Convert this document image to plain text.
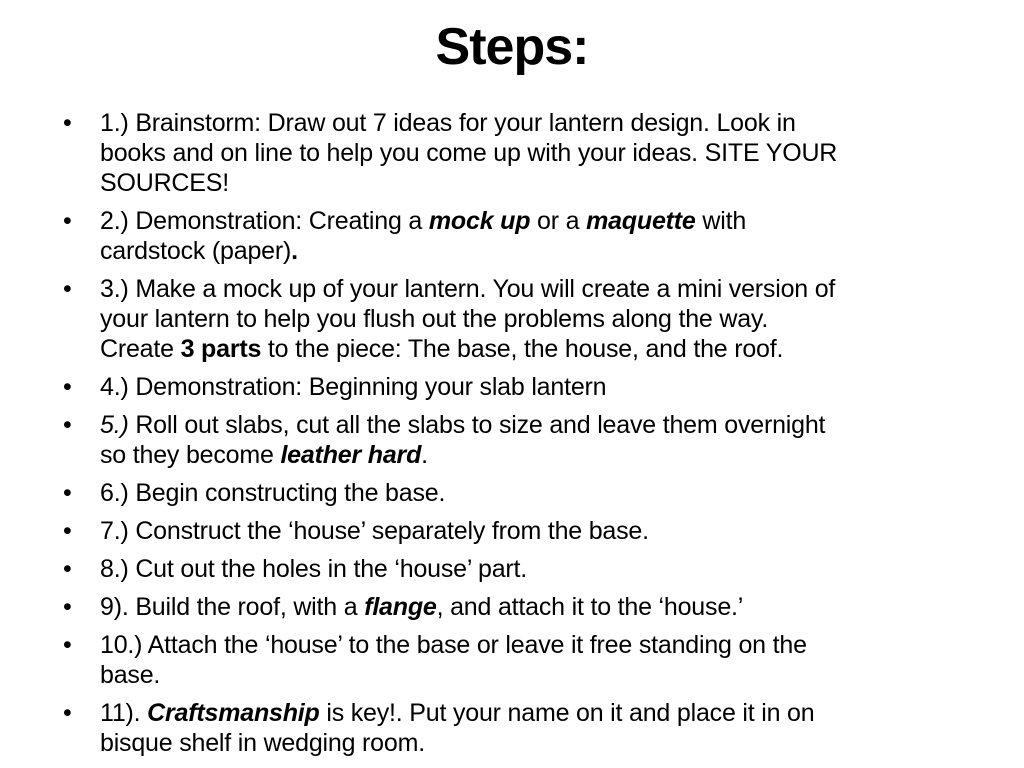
Steps:
• 1.) Brainstorm: Draw out 7 ideas for your lantern design. Look in
books and on line to help you come up with your ideas. SITE YOUR
SOURCES!
• 2.) Demonstration: Creating a mock up or a maquette with
cardstock (paper).
• 3.) Make a mock up of your lantern. You will create a mini version of
your lantern to help you flush out the problems along the way.
Create 3 parts to the piece: The base, the house, and the roof.
• 4.) Demonstration: Beginning your slab lantern
• 5.) Roll out slabs, cut all the slabs to size and leave them overnight
so they become leather hard.
• 6.) Begin constructing the base.
• 7.) Construct the ‘house’ separately from the base.
• 8.) Cut out the holes in the ‘house’ part.
• 9). Build the roof, with a flange, and attach it to the ‘house.’
• 10.) Attach the ‘house’ to the base or leave it free standing on the
base.
• 11). Craftsmanship is key!. Put your name on it and place it in on
bisque shelf in wedging room.
